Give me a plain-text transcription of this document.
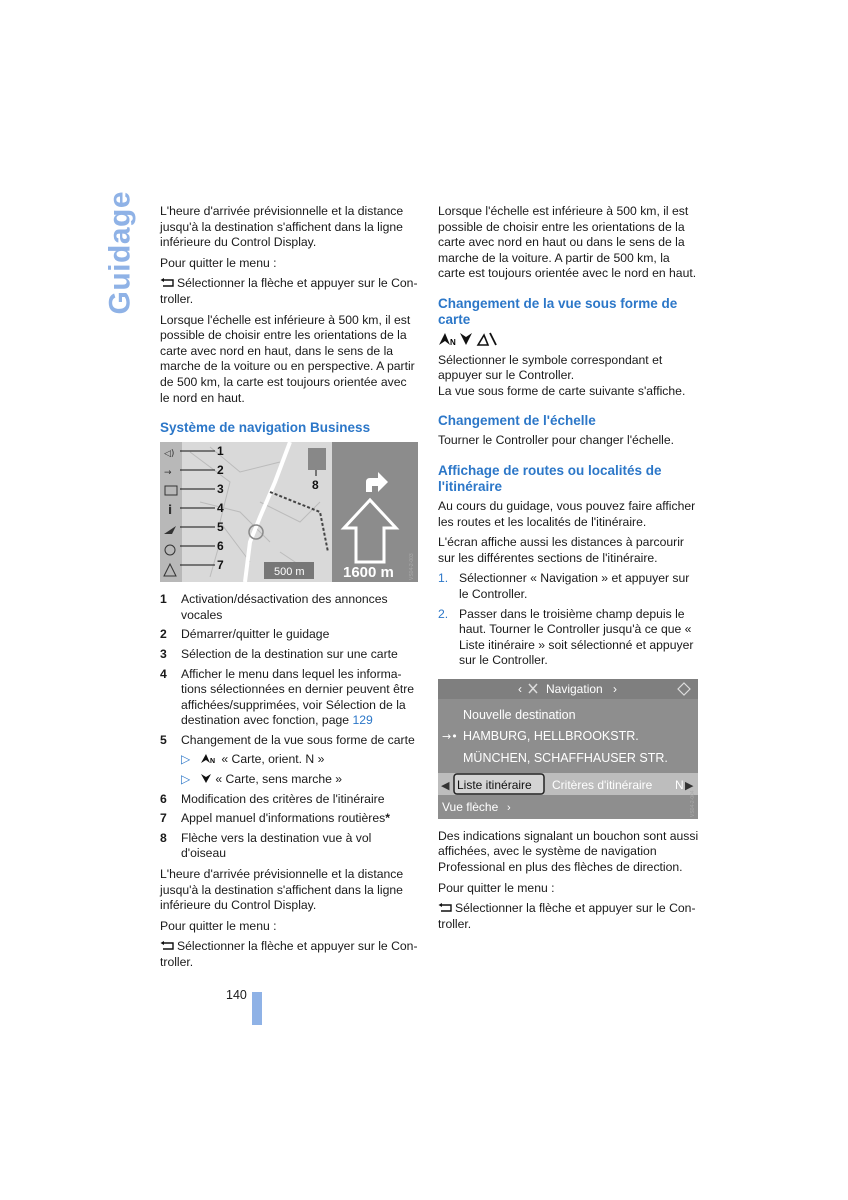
Guidage L'heure d'arrivée prévisionnelle et la distance jusqu'à la destination s'affichent dans la ligne inférieure du Control Display.

Pour quitter le menu :

Sélectionner la flèche et appuyer sur le Con-troller.

Lorsque l'échelle est inférieure à 500 km, il est possible de choisir entre les orientations de la carte avec nord en haut, dans le sens de la marche de la voiture ou en perspective. A partir de 500 km, la carte est toujours orientée avec le nord en haut.

Système de navigation Business
◁)
→
i
1
2
3
4
5
6
7
8
500 m	1600 m	VS04-2-003
1 Activation/désactivation des annonces vocales
2 Démarrer/quitter le guidage
3 Sélection de la destination sur une carte
4 Afficher le menu dans lequel les informa-tions sélectionnées en dernier peuvent être affichées/supprimées, voir Sélection de la destination avec fonction, page 129
5 Changement de la vue sous forme de carte
▷	N « Carte, orient. N »
▷ « Carte, sens marche »
6 Modification des critères de l'itinéraire
7 Appel manuel d'informations routières*
8 Flèche vers la destination vue à vol d'oiseau

L'heure d'arrivée prévisionnelle et la distance jusqu'à la destination s'affichent dans la ligne inférieure du Control Display.

Pour quitter le menu :

Sélectionner la flèche et appuyer sur le Con-troller.

Lorsque l'échelle est inférieure à 500 km, il est possible de choisir entre les orientations de la carte avec nord en haut ou dans le sens de la marche de la voiture. A partir de 500 km, la carte est toujours orientée avec le nord en haut.

Changement de la vue sous forme de carte

N

Sélectionner le symbole correspondant et appuyer sur le Controller.

La vue sous forme de carte suivante s'affiche.

Changement de l'échelle

Tourner le Controller pour changer l'échelle.

Affichage de routes ou localités de l'itinéraire

Au cours du guidage, vous pouvez faire afficher les routes et les localités de l'itinéraire.

L'écran affiche aussi les distances à parcourir sur les différentes sections de l'itinéraire.

1. Sélectionner « Navigation » et appuyer sur le Controller.
2. Passer dans le troisième champ depuis le haut. Tourner le Controller jusqu'à ce que « Liste itinéraire » soit sélectionné et appuyer sur le Controller.
‹ Navigation ›
Nouvelle destination
→• HAMBURG, HELLBROOKSTR.
MÜNCHEN, SCHAFFHAUSER STR.
◀ Liste itinéraire Critères d'itinéraire N ▶
Vue flèche ›	VS04-2-004

Des indications signalant un bouchon sont aussi affichées, avec le système de navigation Professional en plus des flèches de direction.

Pour quitter le menu :

Sélectionner la flèche et appuyer sur le Con-troller.

140
